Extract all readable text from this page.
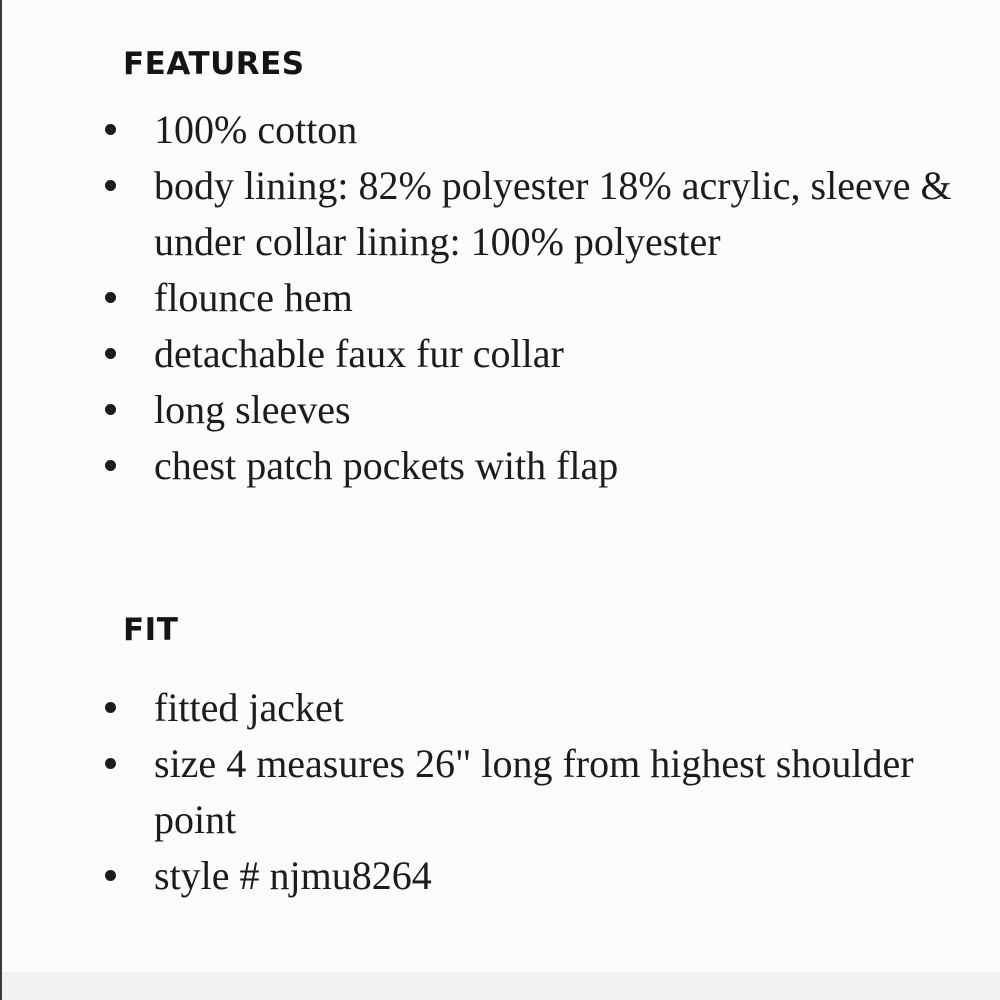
FEATURES
100% cotton
body lining: 82% polyester 18% acrylic, sleeve & under collar lining: 100% polyester
flounce hem
detachable faux fur collar
long sleeves
chest patch pockets with flap
FIT
fitted jacket
size 4 measures 26" long from highest shoulder point
style # njmu8264
